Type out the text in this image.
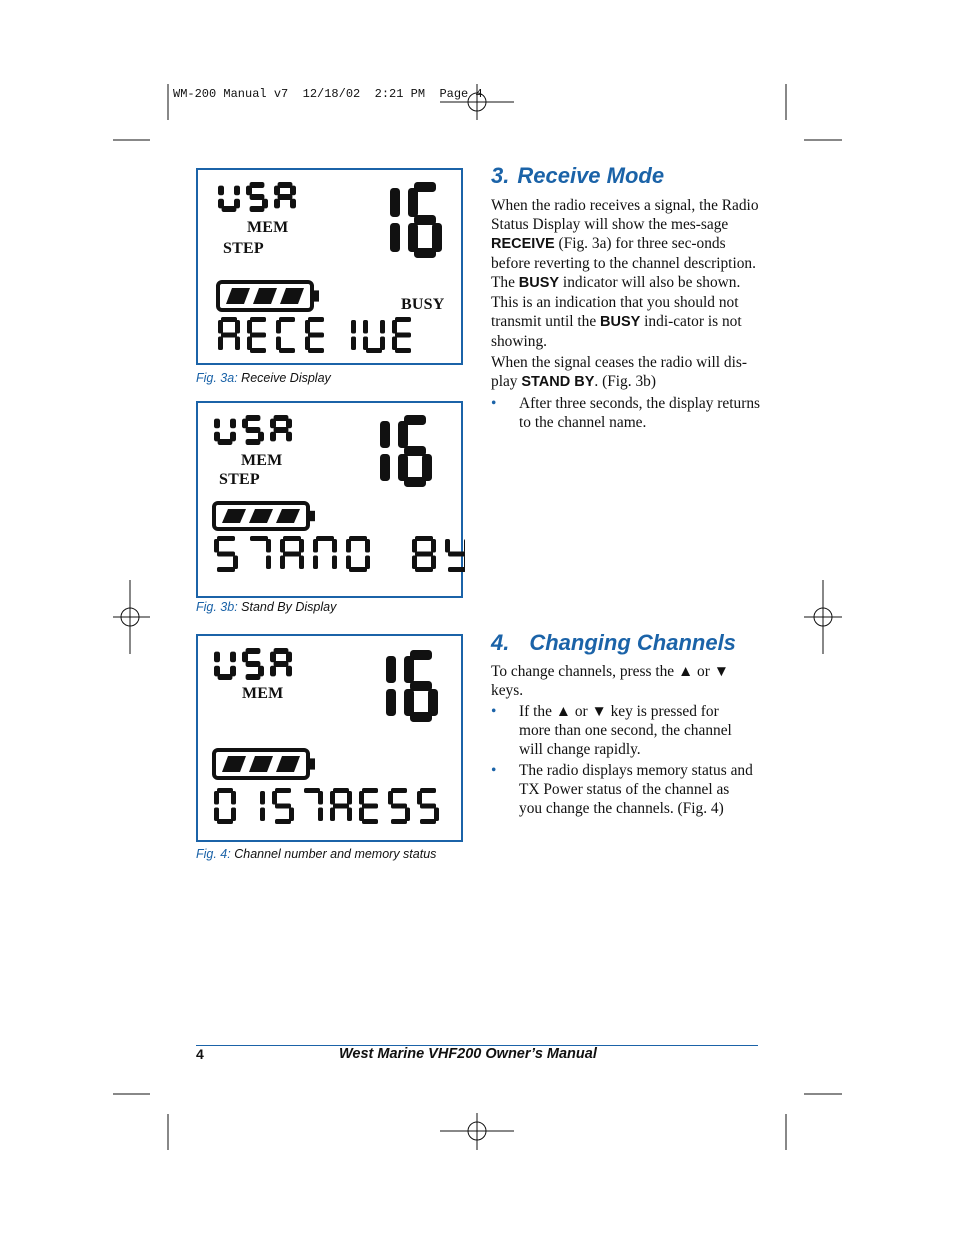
WM-200 Manual v7  12/18/02  2:21 PM  Page 4
MEM
STEP
BUSY
Fig. 3a: Receive Display
MEM
STEP
Fig. 3b: Stand By Display
MEM
Fig. 4: Channel number and memory status
3. Receive Mode

When the radio receives a signal, the Radio Status Display will show the mes-sage RECEIVE (Fig. 3a) for three sec-onds before reverting to the channel description. The BUSY indicator will also be shown. This is an indication that you should not transmit until the BUSY indi-cator is not showing.

When the signal ceases the radio will dis-play STAND BY. (Fig. 3b)

• After three seconds, the display returns to the channel name.
4. Changing Channels

To change channels, press the ▲ or ▼ keys.

• If the ▲ or ▼ key is pressed for more than one second, the channel will change rapidly.
• The radio displays memory status and TX Power status of the channel as you change the channels. (Fig. 4)
4	West Marine VHF200 Owner’s Manual
